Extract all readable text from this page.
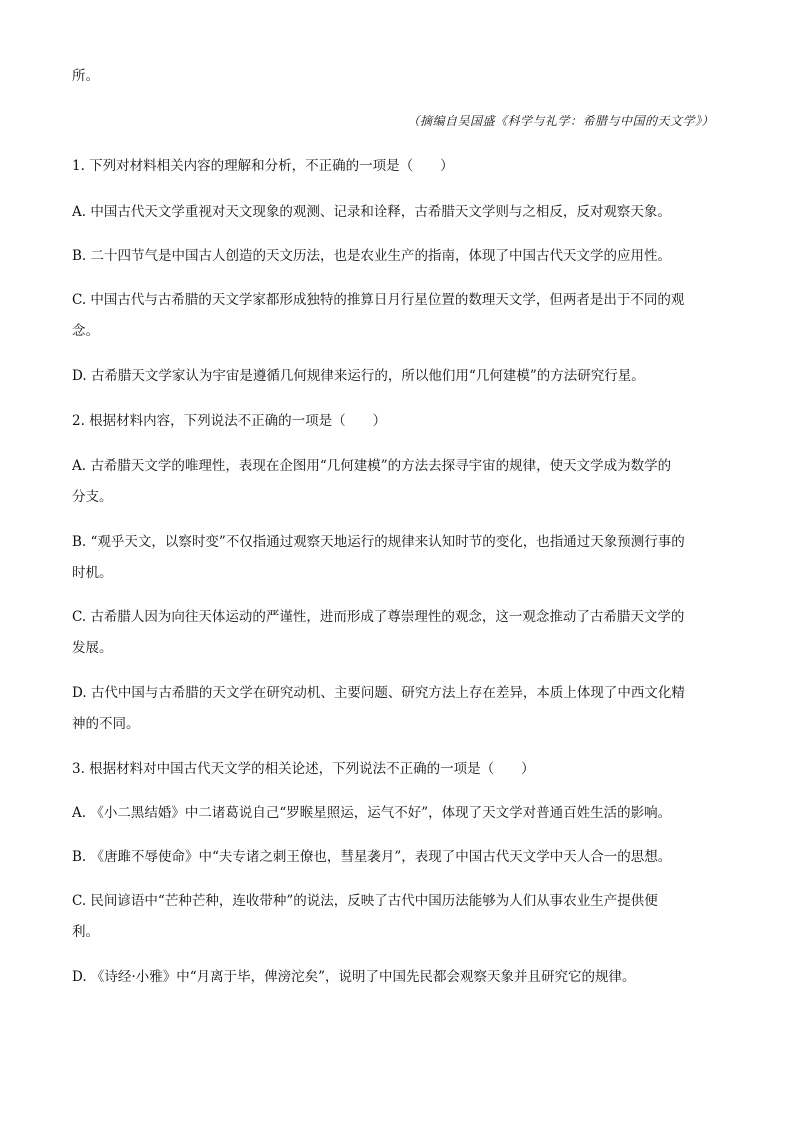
所。
（摘编自吴国盛《科学与礼学：希腊与中国的天文学》）
1. 下列对材料相关内容的理解和分析，不正确的一项是（　　）
A. 中国古代天文学重视对天文现象的观测、记录和诠释，古希腊天文学则与之相反，反对观察天象。
B. 二十四节气是中国古人创造的天文历法，也是农业生产的指南，体现了中国古代天文学的应用性。
C. 中国古代与古希腊的天文学家都形成独特的推算日月行星位置的数理天文学，但两者是出于不同的观
念。
D. 古希腊天文学家认为宇宙是遵循几何规律来运行的，所以他们用“几何建模”的方法研究行星。
2. 根据材料内容，下列说法不正确的一项是（　　）
A. 古希腊天文学的唯理性，表现在企图用“几何建模”的方法去探寻宇宙的规律，使天文学成为数学的
分支。
B. “观乎天文，以察时变”不仅指通过观察天地运行的规律来认知时节的变化，也指通过天象预测行事的
时机。
C. 古希腊人因为向往天体运动的严谨性，进而形成了尊崇理性的观念，这一观念推动了古希腊天文学的
发展。
D. 古代中国与古希腊的天文学在研究动机、主要问题、研究方法上存在差异，本质上体现了中西文化精
神的不同。
3. 根据材料对中国古代天文学的相关论述，下列说法不正确的一项是（　　）
A. 《小二黑结婚》中二诸葛说自己“罗睺星照运，运气不好”，体现了天文学对普通百姓生活的影响。
B. 《唐雎不辱使命》中“夫专诸之刺王僚也，彗星袭月”，表现了中国古代天文学中天人合一的思想。
C. 民间谚语中“芒种芒种，连收带种”的说法，反映了古代中国历法能够为人们从事农业生产提供便
利。
D. 《诗经·小雅》中“月离于毕，俾滂沱矣”，说明了中国先民都会观察天象并且研究它的规律。
